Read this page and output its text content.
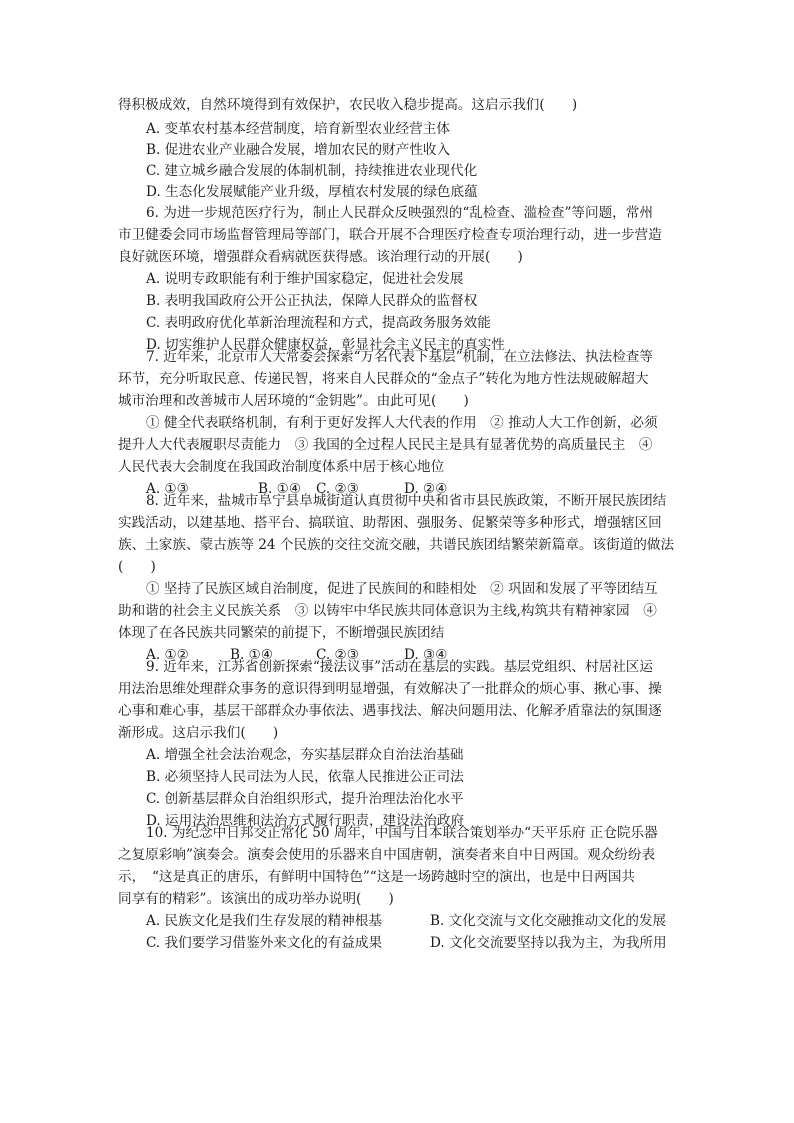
得积极成效，自然环境得到有效保护，农民收入稳步提高。这启示我们(　　)
A. 变革农村基本经营制度，培育新型农业经营主体
B. 促进农业产业融合发展，增加农民的财产性收入
C. 建立城乡融合发展的体制机制，持续推进农业现代化
D. 生态化发展赋能产业升级，厚植农村发展的绿色底蕴
6. 为进一步规范医疗行为，制止人民群众反映强烈的“乱检查、滥检查”等问题，常州
市卫健委会同市场监督管理局等部门，联合开展不合理医疗检查专项治理行动，进一步营造
良好就医环境，增强群众看病就医获得感。该治理行动的开展(　　)
A. 说明专政职能有利于维护国家稳定，促进社会发展
B. 表明我国政府公开公正执法，保障人民群众的监督权
C. 表明政府优化革新治理流程和方式，提高政务服务效能
D. 切实维护人民群众健康权益，彰显社会主义民主的真实性
7. 近年来，北京市人大常委会探索“万名代表下基层”机制，在立法修法、执法检查等
环节，充分听取民意、传递民智，将来自人民群众的“金点子”转化为地方性法规破解超大
城市治理和改善城市人居环境的“金钥匙”。由此可见(　　)
① 健全代表联络机制，有利于更好发挥人大代表的作用　② 推动人大工作创新，必须
提升人大代表履职尽责能力　③ 我国的全过程人民民主是具有显著优势的高质量民主　④
人民代表大会制度在我国政治制度体系中居于核心地位
A. ①③	B. ①④ C. ②③	D. ②④
8. 近年来，盐城市阜宁县阜城街道认真贯彻中央和省市县民族政策，不断开展民族团结
实践活动，以建基地、搭平台、搞联谊、助帮困、强服务、促繁荣等多种形式，增强辖区回
族、土家族、蒙古族等 24 个民族的交往交流交融，共谱民族团结繁荣新篇章。该街道的做法
(　　)
① 坚持了民族区域自治制度，促进了民族间的和睦相处　② 巩固和发展了平等团结互
助和谐的社会主义民族关系　③ 以铸牢中华民族共同体意识为主线,构筑共有精神家园　④
体现了在各民族共同繁荣的前提下，不断增强民族团结
A. ①②	B. ①④	C. ②③	D. ③④
9. 近年来，江苏省创新探索“援法议事”活动在基层的实践。基层党组织、村居社区运
用法治思维处理群众事务的意识得到明显增强，有效解决了一批群众的烦心事、揪心事、操
心事和难心事，基层干部群众办事依法、遇事找法、解决问题用法、化解矛盾靠法的氛围逐
渐形成。这启示我们(　　)
A. 增强全社会法治观念，夯实基层群众自治法治基础
B. 必须坚持人民司法为人民，依靠人民推进公正司法
C. 创新基层群众自治组织形式，提升治理法治化水平
D. 运用法治思维和法治方式履行职责，建设法治政府
10. 为纪念中日邦交正常化 50 周年，中国与日本联合策划举办“天平乐府 正仓院乐器
之复原彩响”演奏会。演奏会使用的乐器来自中国唐朝，演奏者来自中日两国。观众纷纷表
示，　“这是真正的唐乐，有鲜明中国特色”“这是一场跨越时空的演出，也是中日两国共
同享有的精彩”。该演出的成功举办说明(　　)
A. 民族文化是我们生存发展的精神根基	B. 文化交流与文化交融推动文化的发展
C. 我们要学习借鉴外来文化的有益成果	D. 文化交流要坚持以我为主，为我所用
